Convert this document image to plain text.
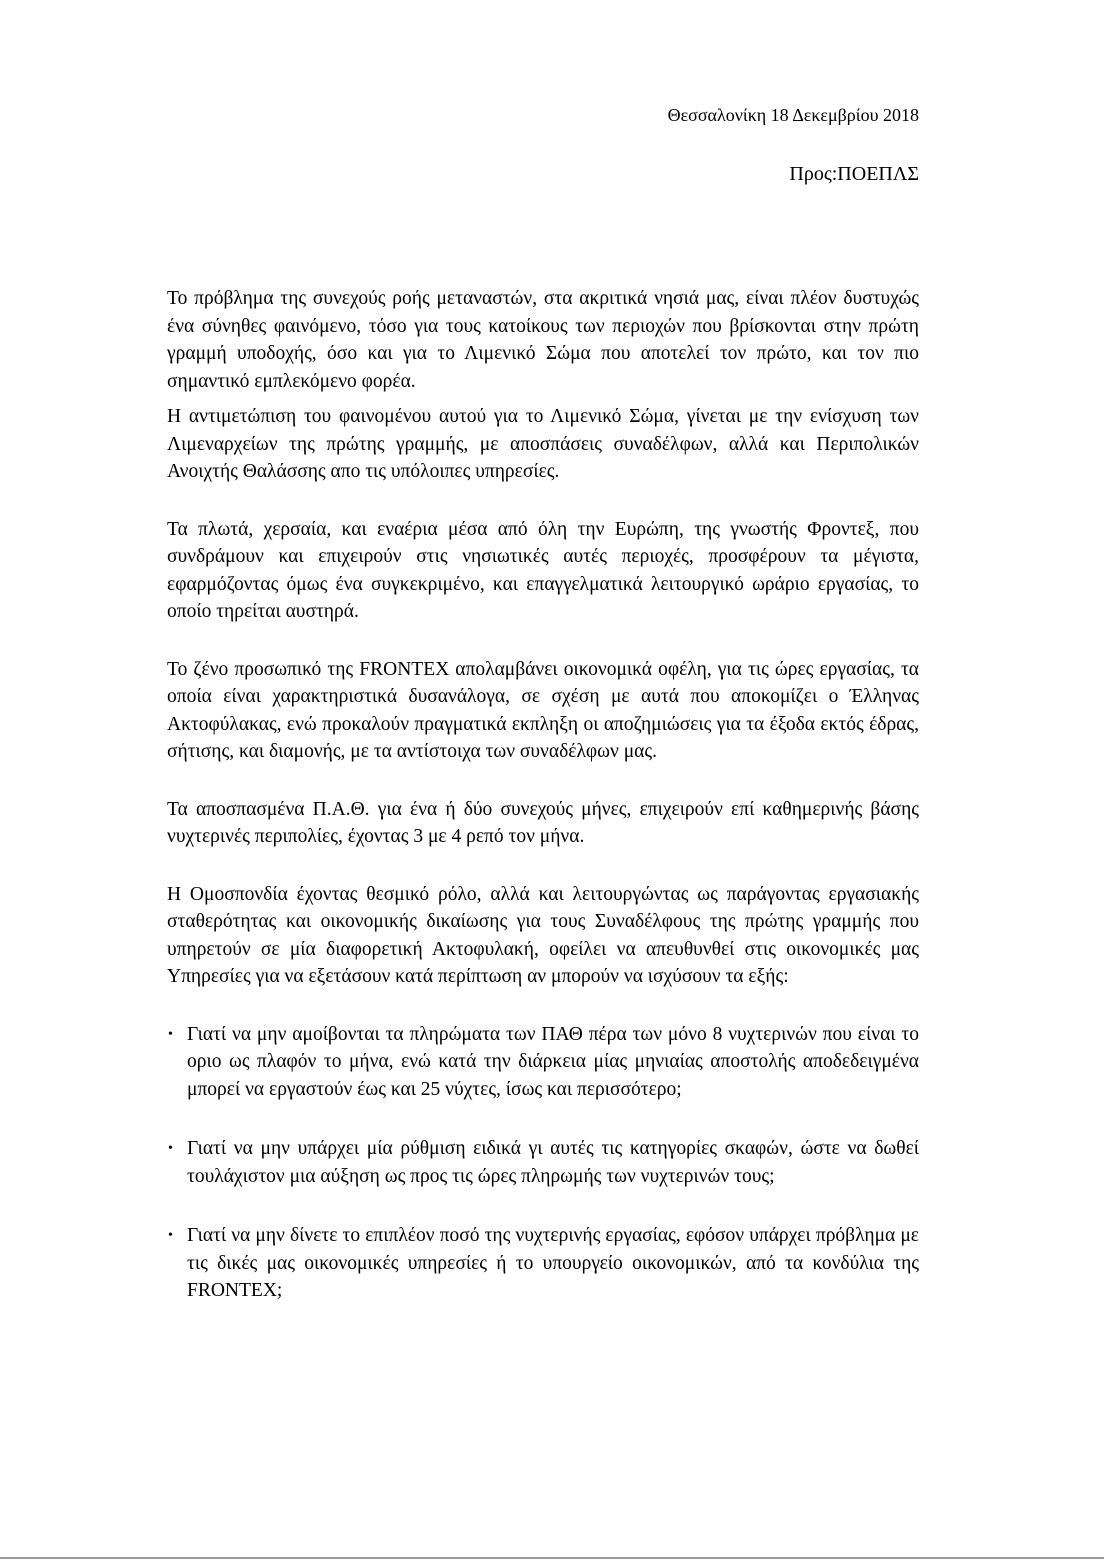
Θεσσαλονίκη 18 Δεκεμβρίου 2018
Προς:ΠΟΕΠΛΣ

Το πρόβλημα της συνεχούς ροής μεταναστών, στα ακριτικά νησιά μας, είναι πλέον δυστυχώς ένα σύνηθες φαινόμενο, τόσο για τους κατοίκους των περιοχών που βρίσκονται στην πρώτη γραμμή υποδοχής, όσο και για το Λιμενικό Σώμα που αποτελεί τον πρώτο, και τον πιο σημαντικό εμπλεκόμενο φορέα.

Η αντιμετώπιση του φαινομένου αυτού για το Λιμενικό Σώμα, γίνεται με την ενίσχυση των Λιμεναρχείων της πρώτης γραμμής, με αποσπάσεις συναδέλφων, αλλά και Περιπολικών Ανοιχτής Θαλάσσης απο τις υπόλοιπες υπηρεσίες.

Τα πλωτά, χερσαία, και εναέρια μέσα από όλη την Ευρώπη, της γνωστής Φροντεξ, που συνδράμουν και επιχειρούν στις νησιωτικές αυτές περιοχές, προσφέρουν τα μέγιστα, εφαρμόζοντας όμως ένα συγκεκριμένο, και επαγγελματικά λειτουργικό ωράριο εργασίας, το οποίο τηρείται αυστηρά.

Το ζένο προσωπικό της FRONTEX απολαμβάνει οικονομικά οφέλη, για τις ώρες εργασίας, τα οποία είναι χαρακτηριστικά δυσανάλογα, σε σχέση με αυτά που αποκομίζει ο Έλληνας Ακτοφύλακας, ενώ προκαλούν πραγματικά εκπληξη οι αποζημιώσεις για τα έξοδα εκτός έδρας, σήτισης, και διαμονής, με τα αντίστοιχα των συναδέλφων μας.

Τα αποσπασμένα Π.Α.Θ. για ένα ή δύο συνεχούς μήνες, επιχειρούν επί καθημερινής βάσης νυχτερινές περιπολίες, έχοντας 3 με 4 ρεπό τον μήνα.

Η Ομοσπονδία έχοντας θεσμικό ρόλο, αλλά και λειτουργώντας ως παράγοντας εργασιακής σταθερότητας και οικονομικής δικαίωσης για τους Συναδέλφους της πρώτης γραμμής που υπηρετούν σε μία διαφορετική Ακτοφυλακή, οφείλει να απευθυνθεί στις οικονομικές μας Υπηρεσίες για να εξετάσουν κατά περίπτωση αν μπορούν να ισχύσουν τα εξής:

• Γιατί να μην αμοίβονται τα πληρώματα των ΠΑΘ πέρα των μόνο 8 νυχτερινών που είναι το οριο ως πλαφόν το μήνα, ενώ κατά την διάρκεια μίας μηνιαίας αποστολής αποδεδειγμένα μπορεί να εργαστούν έως και 25 νύχτες, ίσως και περισσότερο;
• Γιατί να μην υπάρχει μία ρύθμιση ειδικά γι αυτές τις κατηγορίες σκαφών, ώστε να δωθεί τουλάχιστον μια αύξηση ως προς τις ώρες πληρωμής των νυχτερινών τους;
• Γιατί να μην δίνετε το επιπλέον ποσό της νυχτερινής εργασίας, εφόσον υπάρχει πρόβλημα με τις δικές μας οικονομικές υπηρεσίες ή το υπουργείο οικονομικών, από τα κονδύλια της FRONTEX;
